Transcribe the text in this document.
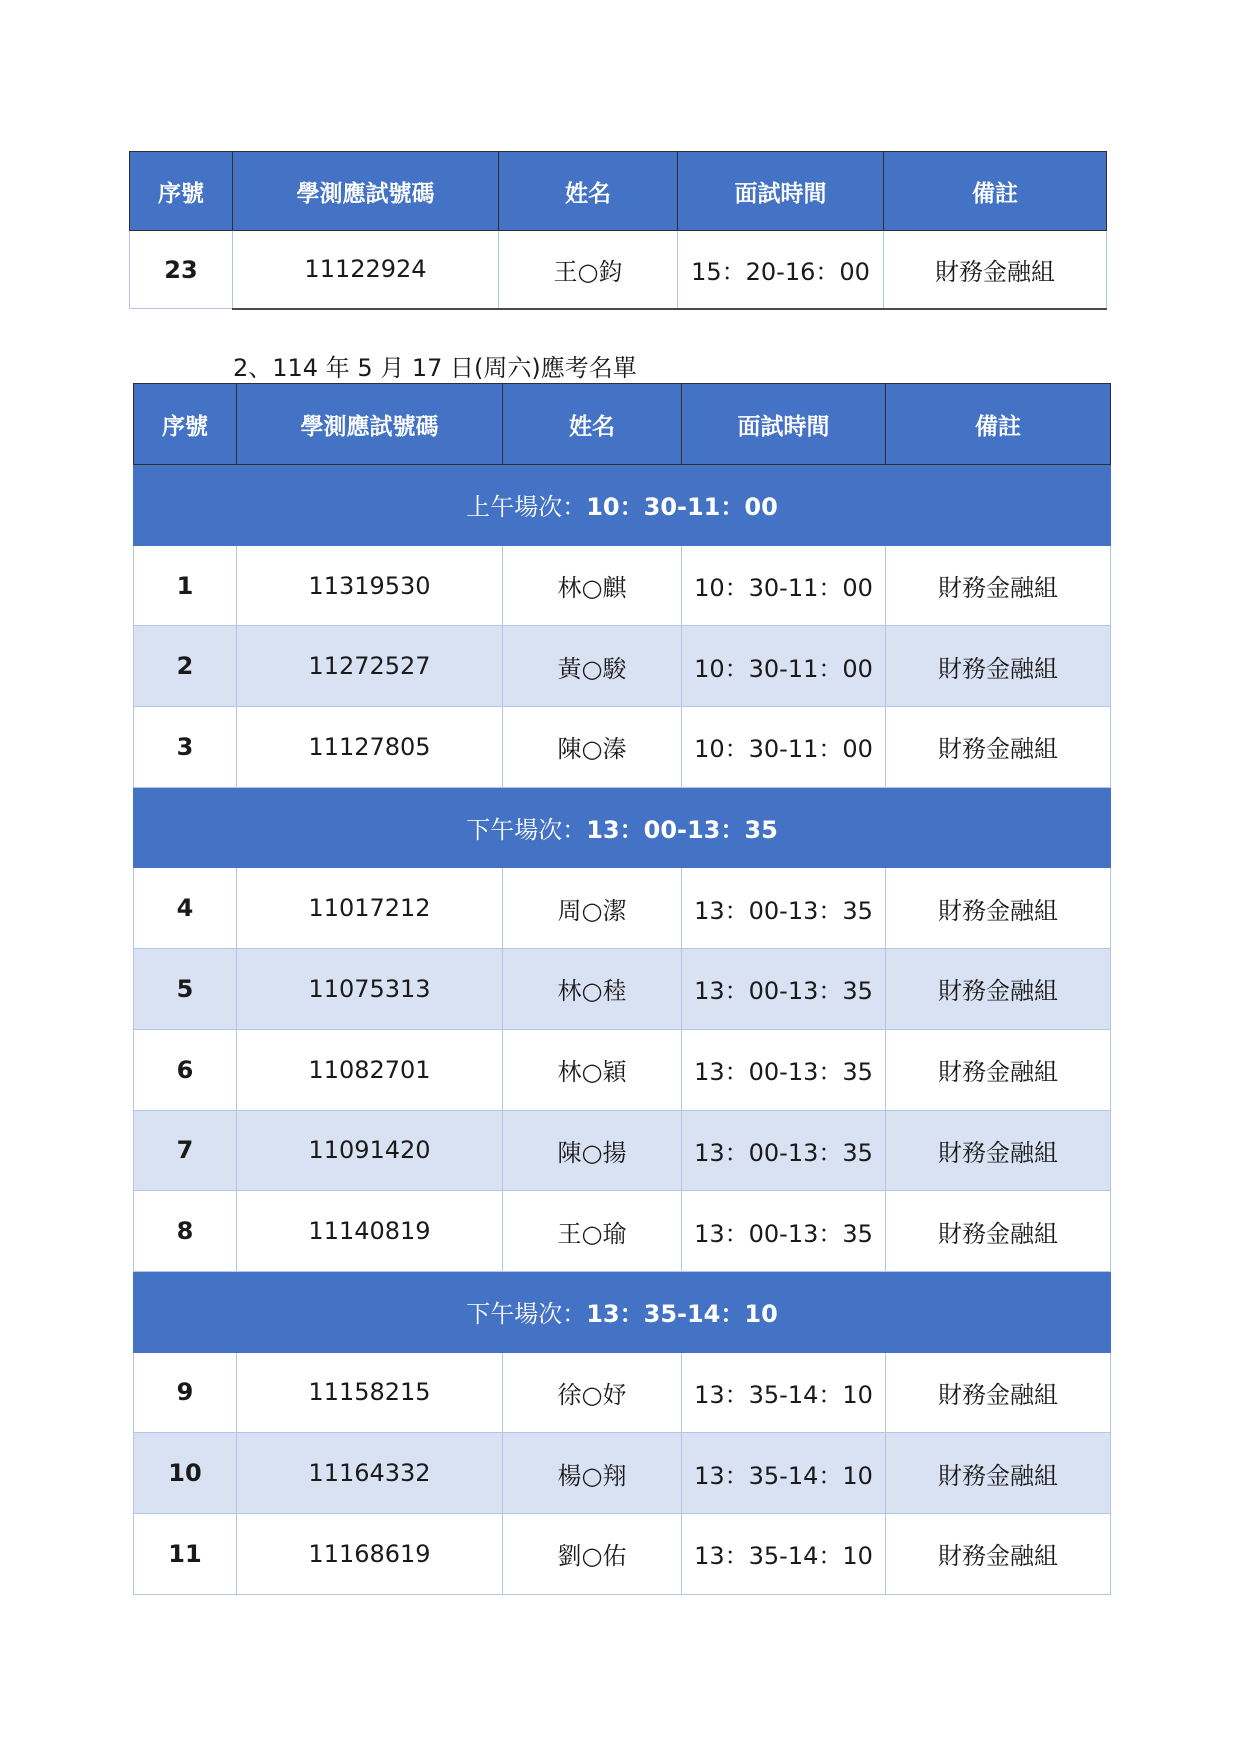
序號	學測應試號碼	姓名	面試時間	備註
23	11122924	王○鈞	15：20-16：00	財務金融組

2、114 年 5 月 17 日(周六)應考名單

序號	學測應試號碼	姓名	面試時間	備註
上午場次：10：30-11：00				
1	11319530	林○麒	10：30-11：00	財務金融組
2	11272527	黃○駿	10：30-11：00	財務金融組
3	11127805	陳○溱	10：30-11：00	財務金融組
下午場次：13：00-13：35				
4	11017212	周○潔	13：00-13：35	財務金融組
5	11075313	林○稑	13：00-13：35	財務金融組
6	11082701	林○穎	13：00-13：35	財務金融組
7	11091420	陳○揚	13：00-13：35	財務金融組
8	11140819	王○瑜	13：00-13：35	財務金融組
下午場次：13：35-14：10				
9	11158215	徐○妤	13：35-14：10	財務金融組
10	11164332	楊○翔	13：35-14：10	財務金融組
11	11168619	劉○佑	13：35-14：10	財務金融組
